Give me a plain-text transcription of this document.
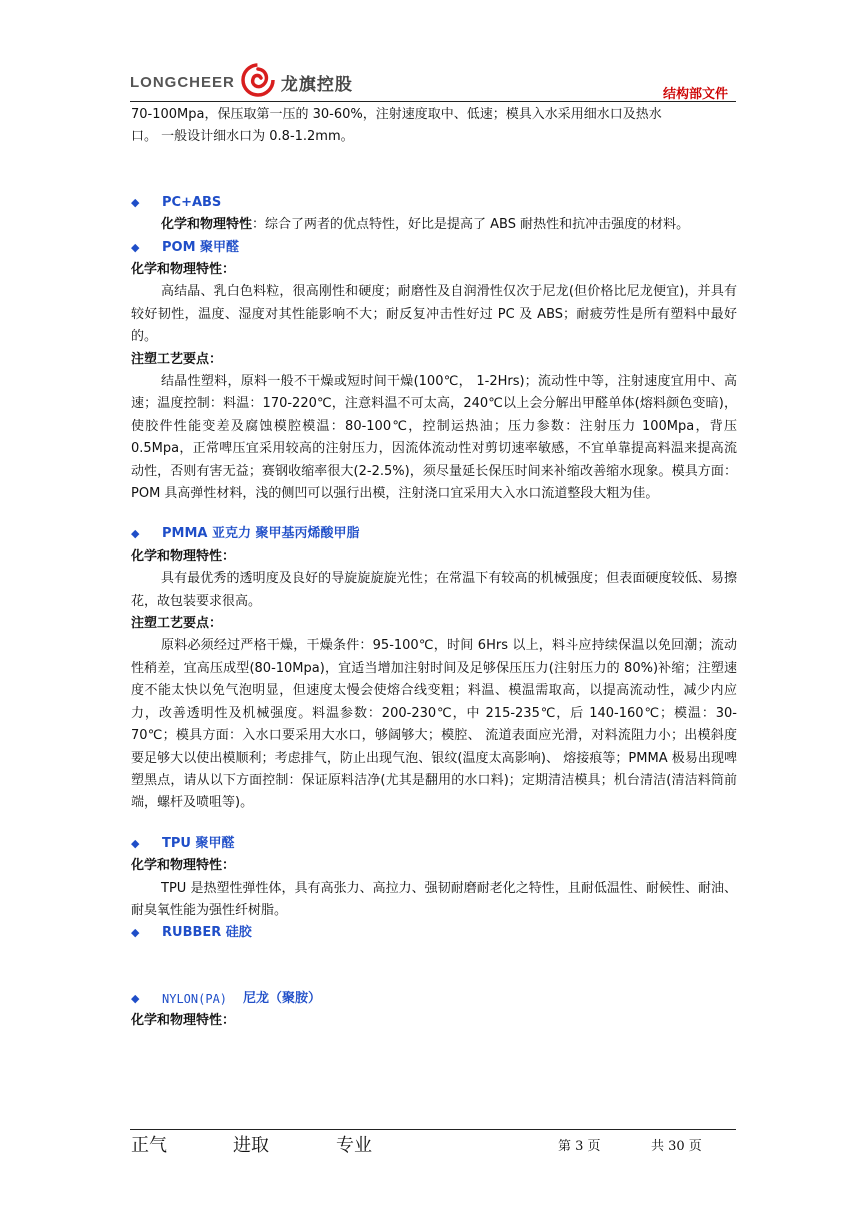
LONGCHEER	龙旗控股	结构部文件

70-100Mpa，保压取第一压的 30-60%，注射速度取中、低速；模具入水采用细水口及热水

口。 一般设计细水口为 0.8-1.2mm。

◆ PC+ABS

化学和物理特性：综合了两者的优点特性，好比是提高了 ABS 耐热性和抗冲击强度的材料。

◆ POM 聚甲醛

化学和物理特性：

高结晶、乳白色料粒，很高刚性和硬度；耐磨性及自润滑性仅次于尼龙(但价格比尼龙便宜)，并具有较好韧性，温度、湿度对其性能影响不大；耐反复冲击性好过 PC 及 ABS；耐疲劳性是所有塑料中最好的。

注塑工艺要点：

结晶性塑料，原料一般不干燥或短时间干燥(100℃， 1-2Hrs)；流动性中等，注射速度宜用中、高速；温度控制：料温：170-220℃，注意料温不可太高，240℃以上会分解出甲醛单体(熔料颜色变暗)，使胶件性能变差及腐蚀模腔模温：80-100℃，控制运热油；压力参数：注射压力 100Mpa，背压 0.5Mpa，正常啤压宜采用较高的注射压力，因流体流动性对剪切速率敏感，不宜单靠提高料温来提高流动性，否则有害无益；赛钢收缩率很大(2-2.5%)，须尽量延长保压时间来补缩改善缩水现象。模具方面：POM 具高弹性材料，浅的侧凹可以强行出模，注射浇口宜采用大入水口流道整段大粗为佳。

◆ PMMA 亚克力 聚甲基丙烯酸甲脂

化学和物理特性：

具有最优秀的透明度及良好的导旋旋旋旋光性；在常温下有较高的机械强度；但表面硬度较低、易擦花，故包装要求很高。

注塑工艺要点：

原料必须经过严格干燥，干燥条件：95-100℃，时间 6Hrs 以上，料斗应持续保温以免回潮；流动性稍差，宜高压成型(80-10Mpa)，宜适当增加注射时间及足够保压压力(注射压力的 80%)补缩；注塑速度不能太快以免气泡明显，但速度太慢会使熔合线变粗；料温、模温需取高，以提高流动性，减少内应力，改善透明性及机械强度。料温参数：200-230℃，中 215-235℃，后 140-160℃；模温：30-70℃；模具方面：入水口要采用大水口，够阔够大；模腔、 流道表面应光滑，对料流阻力小；出模斜度要足够大以使出模顺利；考虑排气，防止出现气泡、银纹(温度太高影响)、 熔接痕等；PMMA 极易出现啤塑黑点，请从以下方面控制：保证原料洁净(尤其是翻用的水口料)；定期清洁模具；机台清洁(清洁料筒前端，螺杆及喷咀等)。

◆ TPU 聚甲醛

化学和物理特性：

TPU 是热塑性弹性体，具有高张力、高拉力、强韧耐磨耐老化之特性，且耐低温性、耐候性、耐油、耐臭氧性能为强性纤树脂。

◆ RUBBER 硅胶
◆ NYLON(PA) 尼龙（聚胺）

化学和物理特性：

正气	进取	专业	第 3 页	共 30 页
